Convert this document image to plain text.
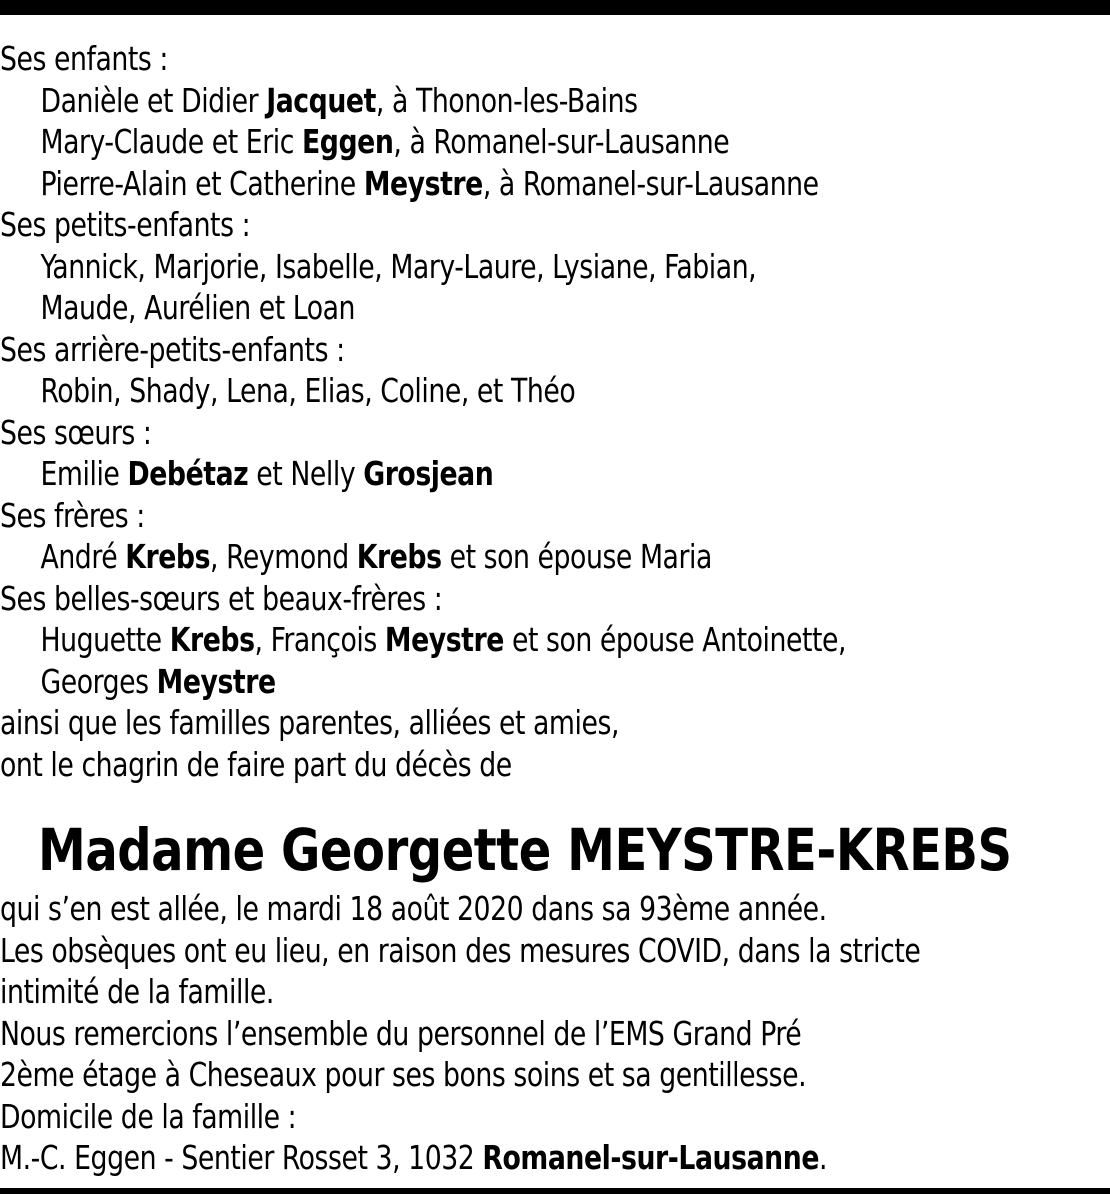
Ses enfants :
Danièle et Didier Jacquet, à Thonon-les-Bains
Mary-Claude et Eric Eggen, à Romanel-sur-Lausanne
Pierre-Alain et Catherine Meystre, à Romanel-sur-Lausanne
Ses petits-enfants :
Yannick, Marjorie, Isabelle, Mary-Laure, Lysiane, Fabian,
Maude, Aurélien et Loan
Ses arrière-petits-enfants :
Robin, Shady, Lena, Elias, Coline, et Théo
Ses sœurs :
Emilie Debétaz et Nelly Grosjean
Ses frères :
André Krebs, Reymond Krebs et son épouse Maria
Ses belles-sœurs et beaux-frères :
Huguette Krebs, François Meystre et son épouse Antoinette,
Georges Meystre
ainsi que les familles parentes, alliées et amies,
ont le chagrin de faire part du décès de
Madame Georgette MEYSTRE-KREBS
qui s’en est allée, le mardi 18 août 2020 dans sa 93ème année.
Les obsèques ont eu lieu, en raison des mesures COVID, dans la stricte
intimité de la famille.
Nous remercions l’ensemble du personnel de l’EMS Grand Pré
2ème étage à Cheseaux pour ses bons soins et sa gentillesse.
Domicile de la famille :
M.-C. Eggen - Sentier Rosset 3, 1032 Romanel-sur-Lausanne.
